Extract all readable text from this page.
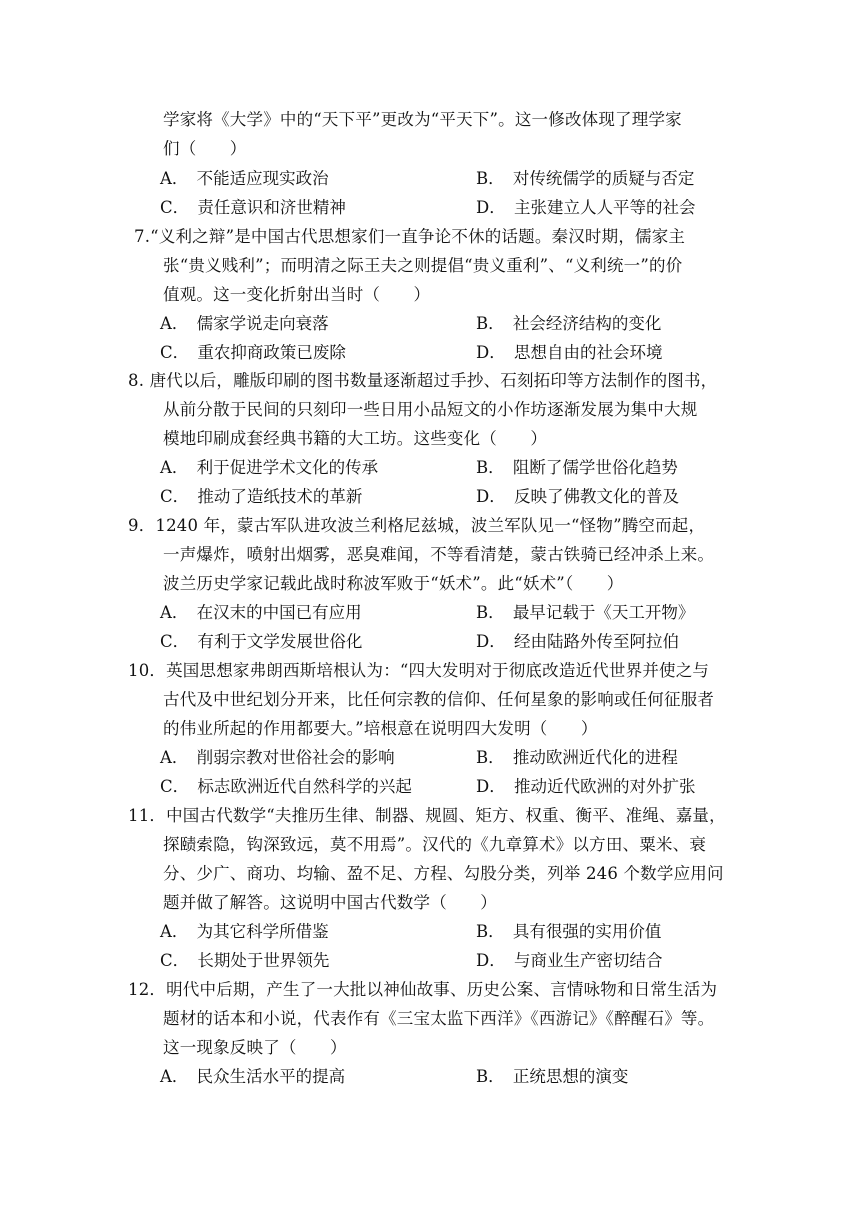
学家将《大学》中的“天下平”更改为“平天下”。这一修改体现了理学家
们（　　）
A．　不能适应现实政治	B．　对传统儒学的质疑与否定
C．　责任意识和济世精神	D．　主张建立人人平等的社会
7.“义利之辩”是中国古代思想家们一直争论不休的话题。秦汉时期，儒家主
张“贵义贱利”；而明清之际王夫之则提倡“贵义重利”、“义利统一”的价
值观。这一变化折射出当时（　　）
A．　儒家学说走向衰落	B．　社会经济结构的变化
C．　重农抑商政策已废除	D．　思想自由的社会环境
8. 唐代以后，雕版印刷的图书数量逐渐超过手抄、石刻拓印等方法制作的图书，
从前分散于民间的只刻印一些日用小品短文的小作坊逐渐发展为集中大规
模地印刷成套经典书籍的大工坊。这些变化（　　）
A．　利于促进学术文化的传承	B．　阻断了儒学世俗化趋势
C．　推动了造纸技术的革新	D．　反映了佛教文化的普及
9．1240 年，蒙古军队进攻波兰利格尼兹城，波兰军队见一“怪物”腾空而起，
一声爆炸，喷射出烟雾，恶臭难闻，不等看清楚，蒙古铁骑已经冲杀上来。
波兰历史学家记载此战时称波军败于“妖术”。此“妖术”（　　）
A．　在汉末的中国已有应用	B．　最早记载于《天工开物》
C．　有利于文学发展世俗化	D．　经由陆路外传至阿拉伯
10．英国思想家弗朗西斯培根认为：“四大发明对于彻底改造近代世界并使之与
古代及中世纪划分开来，比任何宗教的信仰、任何星象的影响或任何征服者
的伟业所起的作用都要大。”培根意在说明四大发明（　　）
A．　削弱宗教对世俗社会的影响	B．　推动欧洲近代化的进程
C．　标志欧洲近代自然科学的兴起	D．　推动近代欧洲的对外扩张
11．中国古代数学“夫推历生律、制器、规圆、矩方、权重、衡平、准绳、嘉量，
探赜索隐，钩深致远，莫不用焉”。汉代的《九章算术》以方田、粟米、衰
分、少广、商功、均输、盈不足、方程、勾股分类，列举 246 个数学应用问
题并做了解答。这说明中国古代数学（　　）
A．　为其它科学所借鉴	B．　具有很强的实用价值
C．　长期处于世界领先	D．　与商业生产密切结合
12．明代中后期，产生了一大批以神仙故事、历史公案、言情咏物和日常生活为
题材的话本和小说，代表作有《三宝太监下西洋》《西游记》《醉醒石》等。
这一现象反映了（　　）
A．　民众生活水平的提高	B．　正统思想的演变
